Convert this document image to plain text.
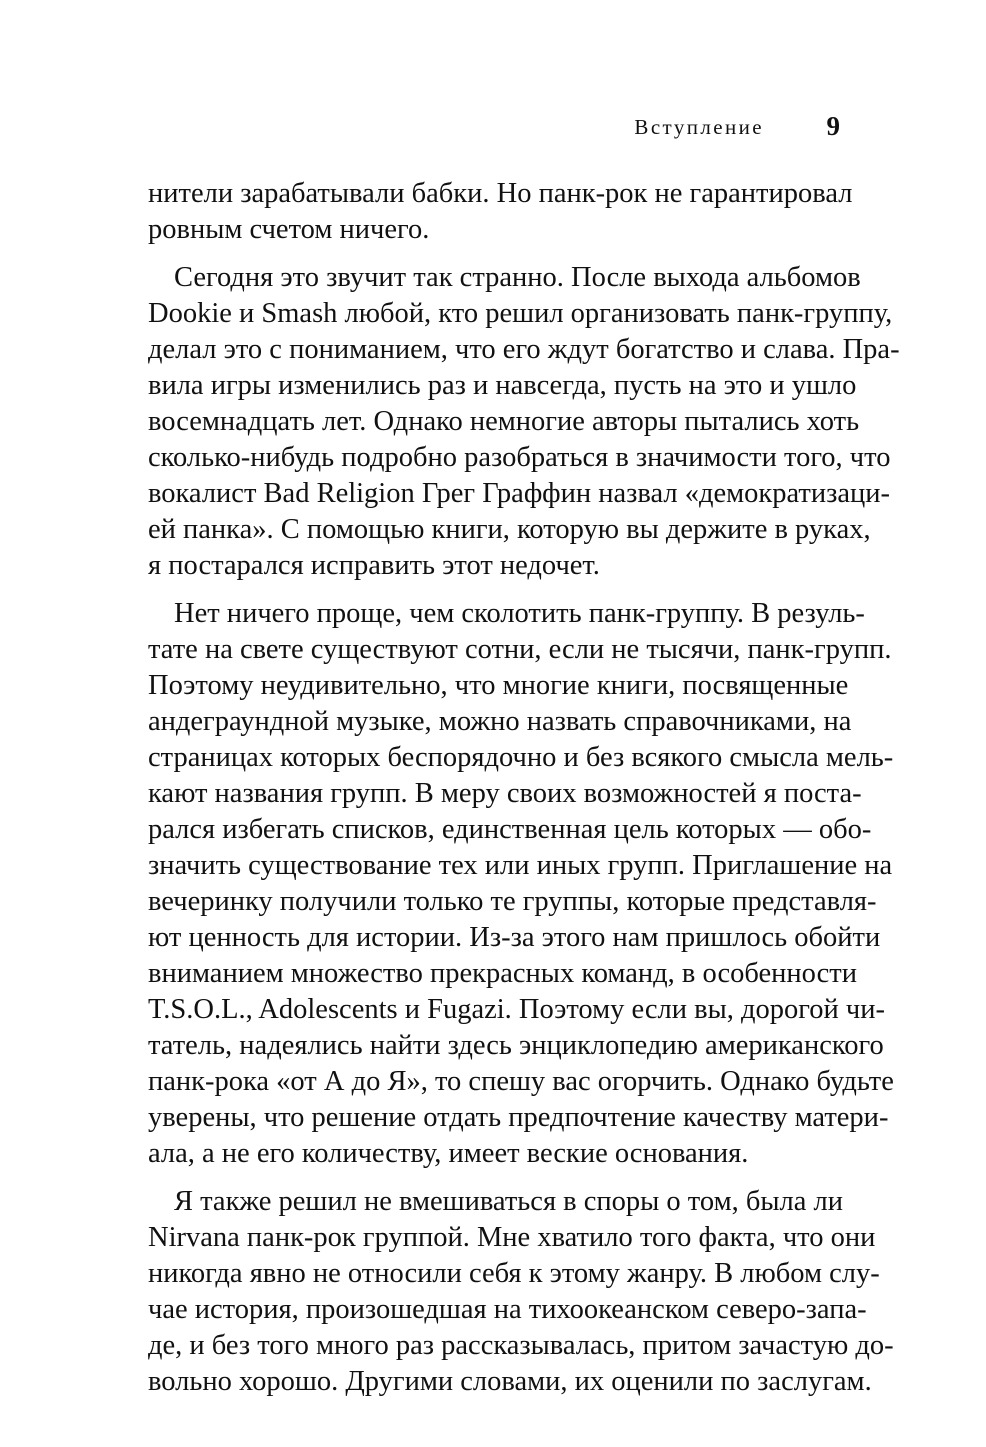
Вступление 9
нители зарабатывали бабки. Но панк-рок не гарантировал
ровным счетом ничего.
Сегодня это звучит так странно. После выхода альбомов
Dookie и Smash любой, кто решил организовать панк-группу,
делал это с пониманием, что его ждут богатство и слава. Пра-
вила игры изменились раз и навсегда, пусть на это и ушло
восемнадцать лет. Однако немногие авторы пытались хоть
сколько-нибудь подробно разобраться в значимости того, что
вокалист Bad Religion Грег Граффин назвал «демократизаци-
ей панка». С помощью книги, которую вы держите в руках,
я постарался исправить этот недочет.
Нет ничего проще, чем сколотить панк-группу. В резуль-
тате на свете существуют сотни, если не тысячи, панк-групп.
Поэтому неудивительно, что многие книги, посвященные
андеграундной музыке, можно назвать справочниками, на
страницах которых беспорядочно и без всякого смысла мель-
кают названия групп. В меру своих возможностей я поста-
рался избегать списков, единственная цель которых — обо-
значить существование тех или иных групп. Приглашение на
вечеринку получили только те группы, которые представля-
ют ценность для истории. Из-за этого нам пришлось обойти
вниманием множество прекрасных команд, в особенности
T.S.O.L., Adolescents и Fugazi. Поэтому если вы, дорогой чи-
татель, надеялись найти здесь энциклопедию американского
панк-рока «от А до Я», то спешу вас огорчить. Однако будьте
уверены, что решение отдать предпочтение качеству матери-
ала, а не его количеству, имеет веские основания.
Я также решил не вмешиваться в споры о том, была ли
Nirvana панк-рок группой. Мне хватило того факта, что они
никогда явно не относили себя к этому жанру. В любом слу-
чае история, произошедшая на тихоокеанском северо-запа-
де, и без того много раз рассказывалась, притом зачастую до-
вольно хорошо. Другими словами, их оценили по заслугам.
